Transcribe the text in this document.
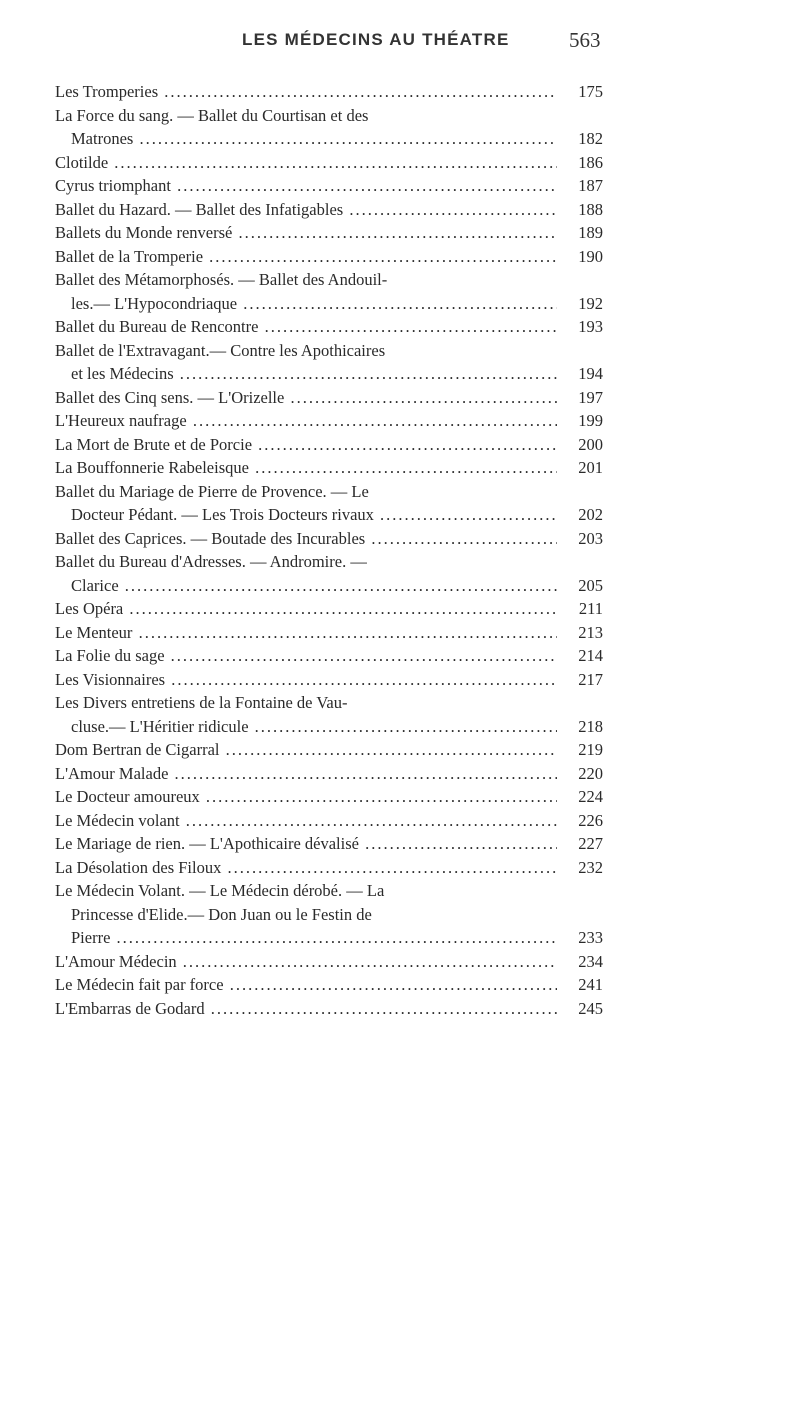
LES MÉDECINS AU THÉATRE	563
Les Tromperies .....	175
La Force du sang. — Ballet du Courtisan et des
Matrones .....	182
Clotilde .....	186
Cyrus triomphant .....	187
Ballet du Hazard. — Ballet des Infatigables .....	188
Ballets du Monde renversé .....	189
Ballet de la Tromperie .....	190
Ballet des Métamorphosés. — Ballet des Andouil-
les.— L'Hypocondriaque .....	192
Ballet du Bureau de Rencontre .....	193
Ballet de l'Extravagant.— Contre les Apothicaires
et les Médecins .....	194
Ballet des Cinq sens. — L'Orizelle .....	197
L'Heureux naufrage .....	199
La Mort de Brute et de Porcie .....	200
La Bouffonnerie Rabeleisque .....	201
Ballet du Mariage de Pierre de Provence. — Le
Docteur Pédant. — Les Trois Docteurs rivaux .....	202
Ballet des Caprices. — Boutade des Incurables .....	203
Ballet du Bureau d'Adresses. — Andromire. —
Clarice .....	205
Les Opéra .....	211
Le Menteur .....	213
La Folie du sage .....	214
Les Visionnaires .....	217
Les Divers entretiens de la Fontaine de Vau-
cluse.— L'Héritier ridicule .....	218
Dom Bertran de Cigarral .....	219
L'Amour Malade .....	220
Le Docteur amoureux .....	224
Le Médecin volant .....	226
Le Mariage de rien. — L'Apothicaire dévalisé .....	227
La Désolation des Filoux .....	232
Le Médecin Volant. — Le Médecin dérobé. — La
Princesse d'Elide.— Don Juan ou le Festin de
Pierre .....	233
L'Amour Médecin .....	234
Le Médecin fait par force .....	241
L'Embarras de Godard .....	245
